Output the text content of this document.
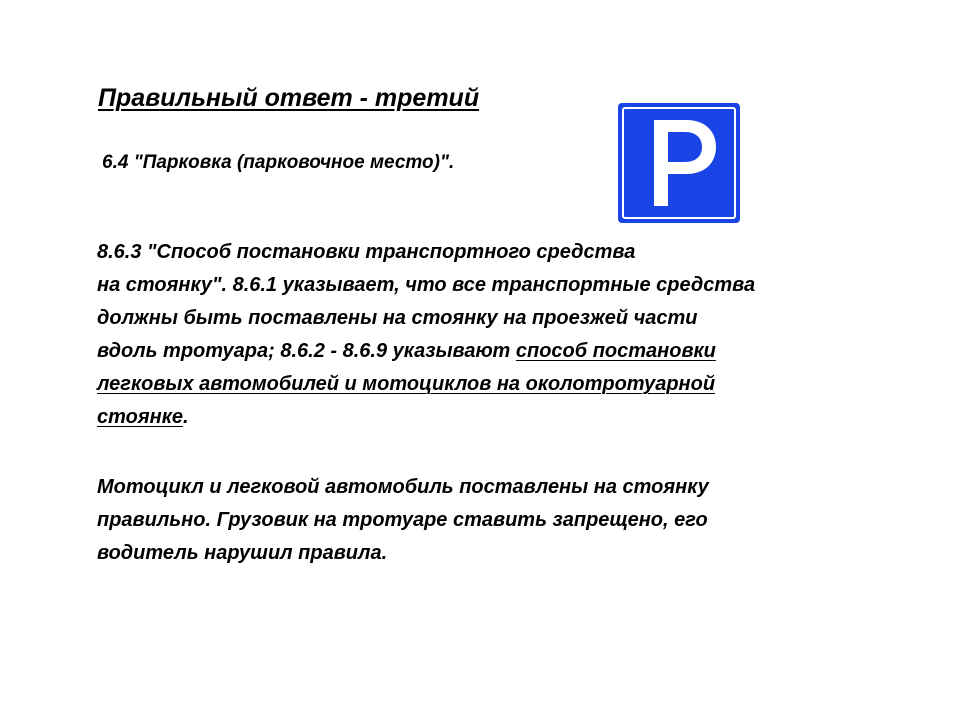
Правильный ответ - третий
6.4 "Парковка (парковочное место)".

8.6.3 "Способ постановки транспортного средства
на стоянку". 8.6.1 указывает, что все транспортные средства
должны быть поставлены на стоянку на проезжей части
вдоль тротуара; 8.6.2 - 8.6.9 указывают способ постановки
легковых автомобилей и мотоциклов на околотротуарной
стоянке.

Мотоцикл и легковой автомобиль поставлены на стоянку
правильно. Грузовик на тротуаре ставить запрещено, его
водитель нарушил правила.
